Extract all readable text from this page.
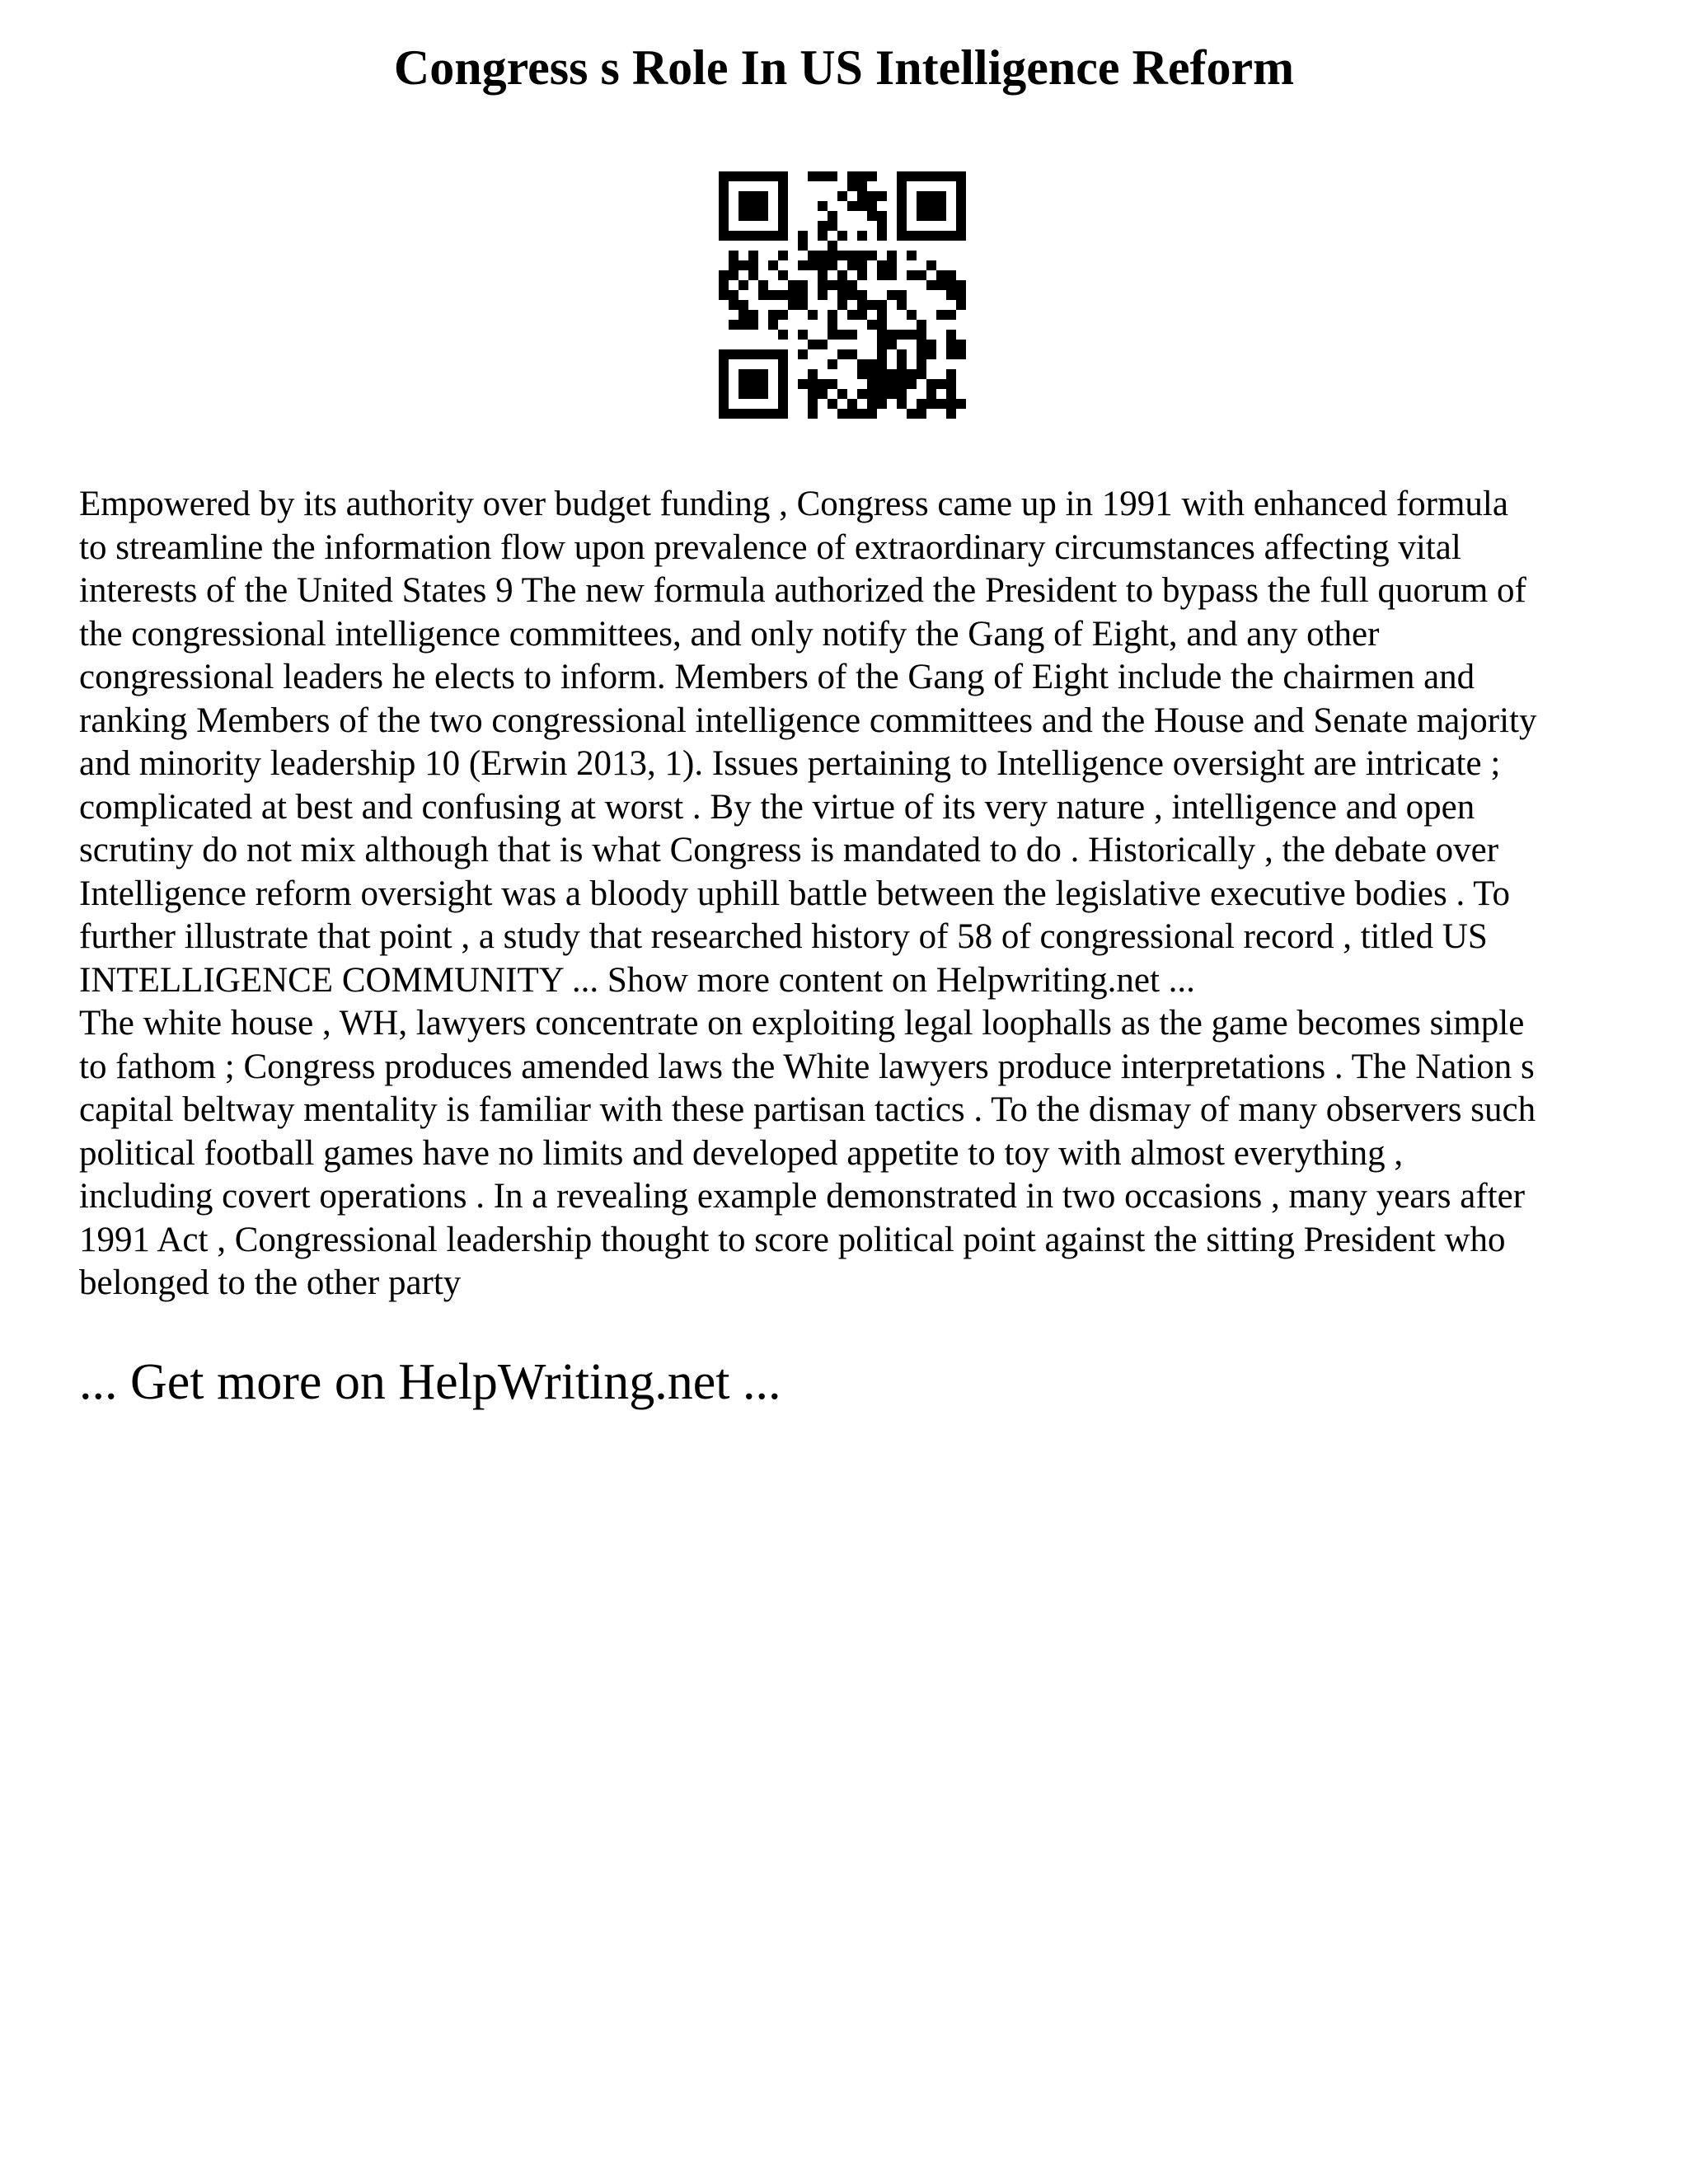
Congress s Role In US Intelligence Reform

Empowered by its authority over budget funding , Congress came up in 1991 with enhanced formula
to streamline the information flow upon prevalence of extraordinary circumstances affecting vital
interests of the United States 9 The new formula authorized the President to bypass the full quorum of
the congressional intelligence committees, and only notify the Gang of Eight, and any other
congressional leaders he elects to inform. Members of the Gang of Eight include the chairmen and
ranking Members of the two congressional intelligence committees and the House and Senate majority
and minority leadership 10 (Erwin 2013, 1). Issues pertaining to Intelligence oversight are intricate ;
complicated at best and confusing at worst . By the virtue of its very nature , intelligence and open
scrutiny do not mix although that is what Congress is mandated to do . Historically , the debate over
Intelligence reform oversight was a bloody uphill battle between the legislative executive bodies . To
further illustrate that point , a study that researched history of 58 of congressional record , titled US
INTELLIGENCE COMMUNITY ... Show more content on Helpwriting.net ...

The white house , WH, lawyers concentrate on exploiting legal loophalls as the game becomes simple
to fathom ; Congress produces amended laws the White lawyers produce interpretations . The Nation s
capital beltway mentality is familiar with these partisan tactics . To the dismay of many observers such
political football games have no limits and developed appetite to toy with almost everything ,
including covert operations . In a revealing example demonstrated in two occasions , many years after
1991 Act , Congressional leadership thought to score political point against the sitting President who
belonged to the other party

... Get more on HelpWriting.net ...
